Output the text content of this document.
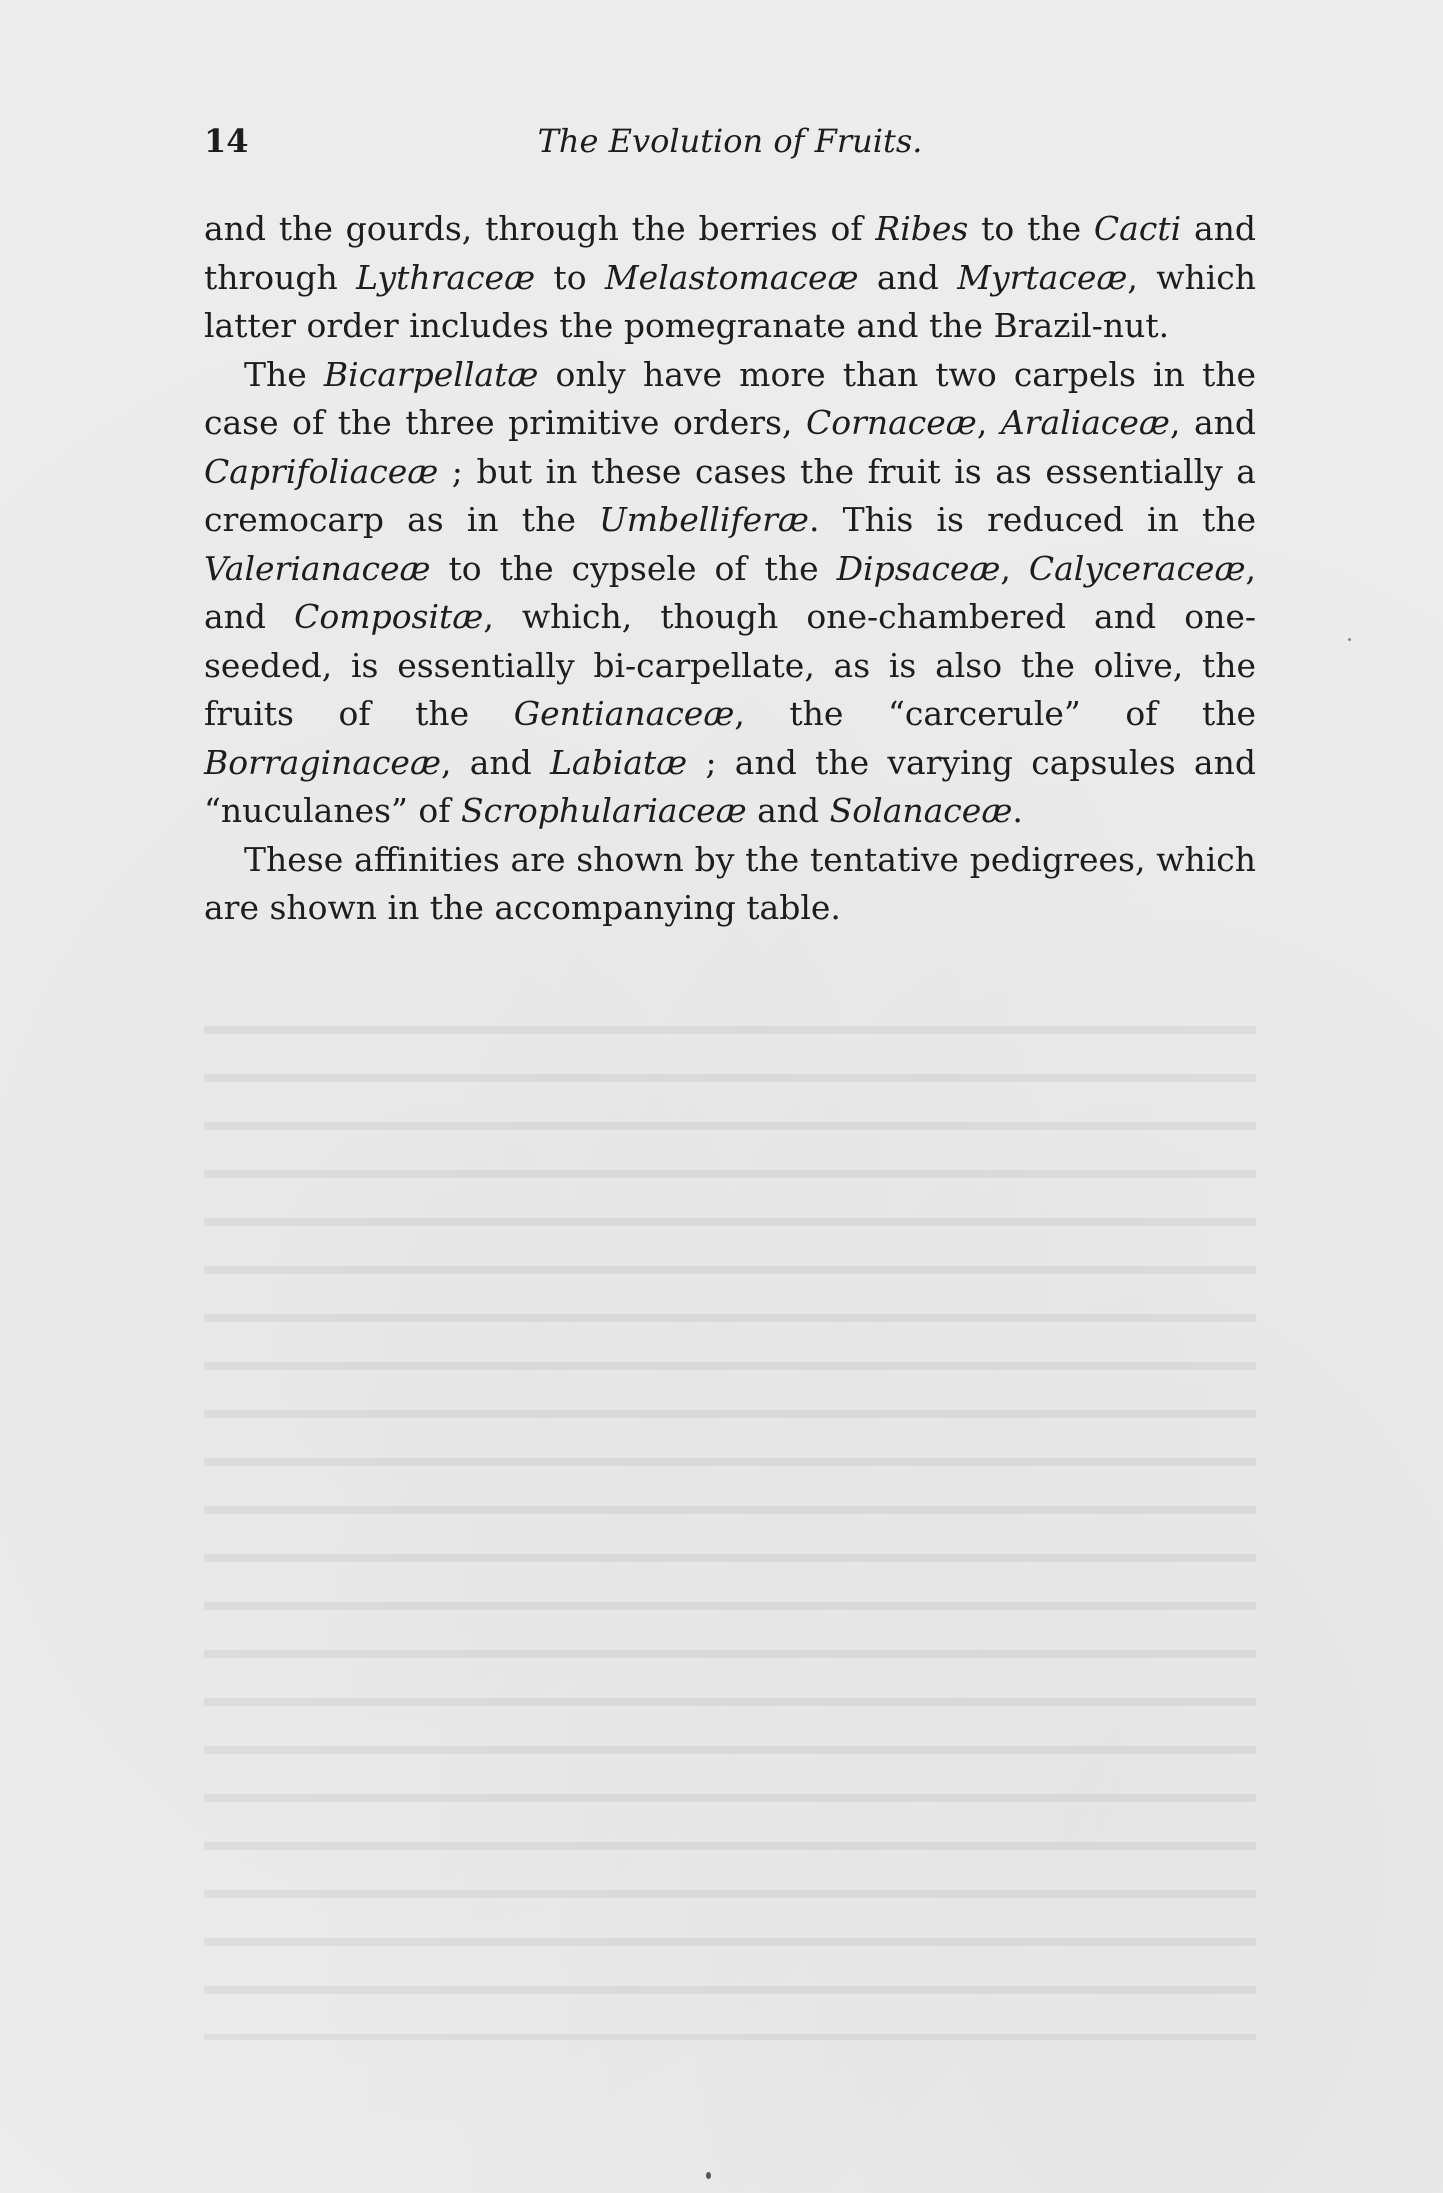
14	The Evolution of Fruits.

and the gourds, through the berries of Ribes to the Cacti and through Lythraceæ to Melastomaceæ and Myrtaceæ, which latter order includes the pomegranate and the Brazil-nut.

The Bicarpellatæ only have more than two carpels in the case of the three primitive orders, Cornaceæ, Araliaceæ, and Caprifoliaceæ ; but in these cases the fruit is as essentially a cremocarp as in the Umbelliferæ. This is reduced in the Valerianaceæ to the cypsele of the Dipsaceæ, Calyceraceæ, and Compositæ, which, though one-chambered and one-seeded, is essentially bi-carpellate, as is also the olive, the fruits of the Gentianaceæ, the “carcerule” of the Borraginaceæ, and Labiatæ ; and the varying capsules and “nuculanes” of Scrophulariaceæ and Solanaceæ.

These affinities are shown by the tentative pedigrees, which are shown in the accompanying table.
